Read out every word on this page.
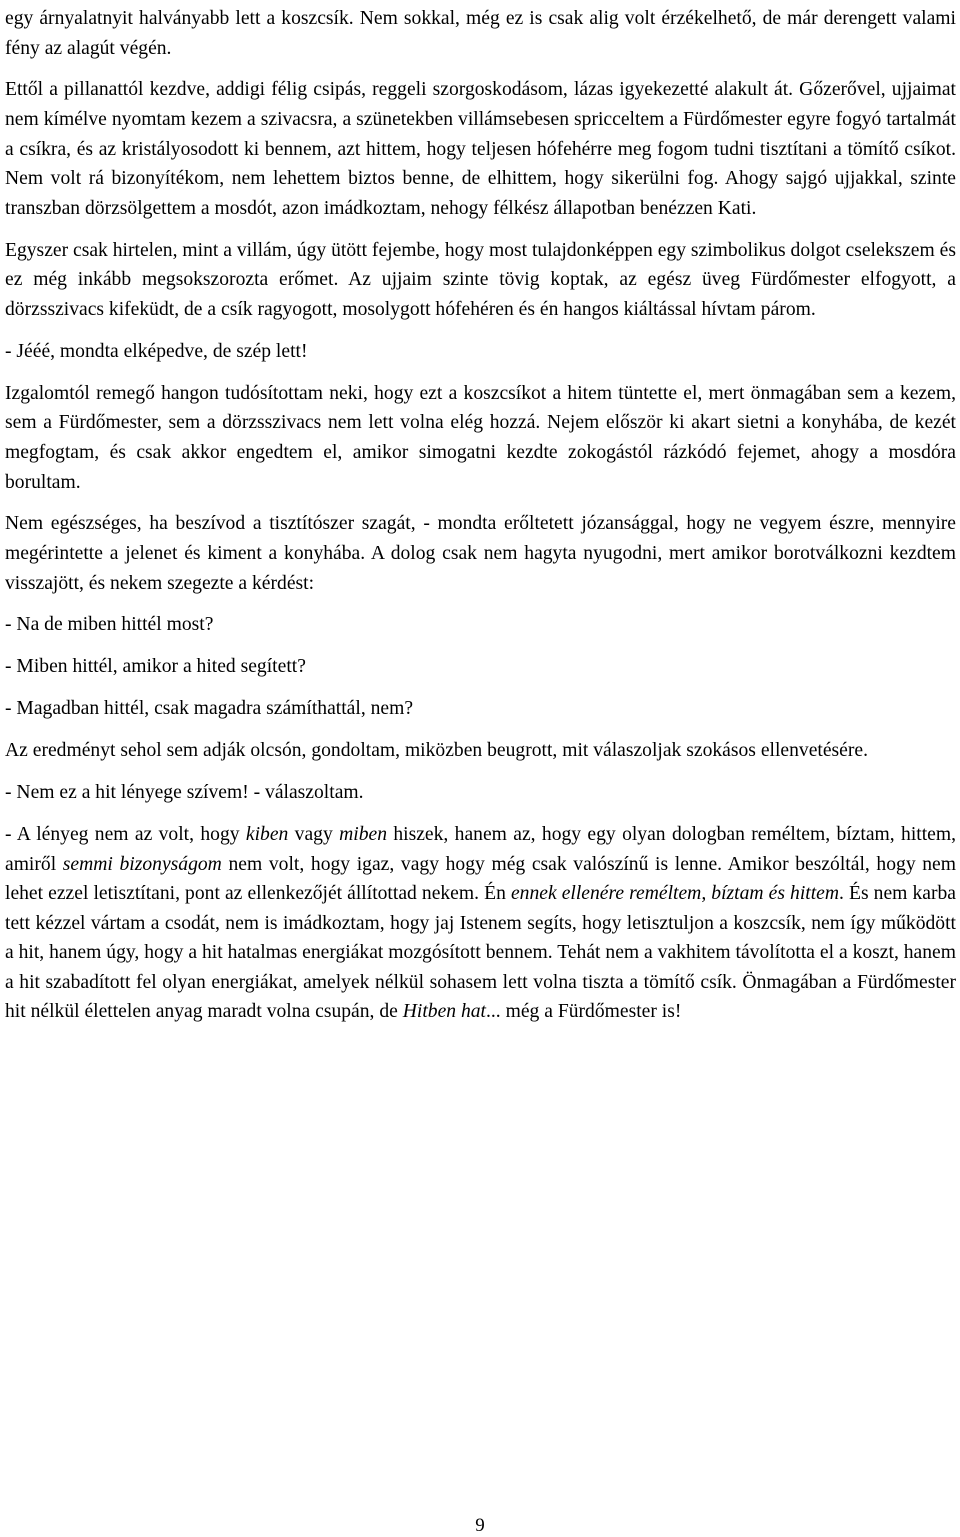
egy árnyalatnyit halványabb lett a koszcsík. Nem sokkal, még ez is csak alig volt érzékelhető, de már derengett valami fény az alagút végén.

Ettől a pillanattól kezdve, addigi félig csipás, reggeli szorgoskodásom, lázas igyekezetté alakult át. Gőzerővel, ujjaimat nem kímélve nyomtam kezem a szivacsra, a szünetekben villámsebesen spricceltem a Fürdőmester egyre fogyó tartalmát a csíkra, és az kristályosodott ki bennem, azt hittem, hogy teljesen hófehérre meg fogom tudni tisztítani a tömítő csíkot. Nem volt rá bizonyítékom, nem lehettem biztos benne, de elhittem, hogy sikerülni fog. Ahogy sajgó ujjakkal, szinte transzban dörzsölgettem a mosdót, azon imádkoztam, nehogy félkész állapotban benézzen Kati.

Egyszer csak hirtelen, mint a villám, úgy ütött fejembe, hogy most tulajdonképpen egy szimbolikus dolgot cselekszem és ez még inkább megsokszorozta erőmet. Az ujjaim szinte tövig koptak, az egész üveg Fürdőmester elfogyott, a dörzsszivacs kifeküdt, de a csík ragyogott, mosolygott hófehéren és én hangos kiáltással hívtam párom.

- Jééé, mondta elképedve, de szép lett!

Izgalomtól remegő hangon tudósítottam neki, hogy ezt a koszcsíkot a hitem tüntette el, mert önmagában sem a kezem, sem a Fürdőmester, sem a dörzsszivacs nem lett volna elég hozzá. Nejem először ki akart sietni a konyhába, de kezét megfogtam, és csak akkor engedtem el, amikor simogatni kezdte zokogástól rázkódó fejemet, ahogy a mosdóra borultam.

Nem egészséges, ha beszívod a tisztítószer szagát, - mondta erőltetett józansággal, hogy ne vegyem észre, mennyire megérintette a jelenet és kiment a konyhába. A dolog csak nem hagyta nyugodni, mert amikor borotválkozni kezdtem visszajött, és nekem szegezte a kérdést:

- Na de miben hittél most?

- Miben hittél, amikor a hited segített?

- Magadban hittél, csak magadra számíthattál, nem?

Az eredményt sehol sem adják olcsón, gondoltam, miközben beugrott, mit válaszoljak szokásos ellenvetésére.

- Nem ez a hit lényege szívem! - válaszoltam.

- A lényeg nem az volt, hogy kiben vagy miben hiszek, hanem az, hogy egy olyan dologban reméltem, bíztam, hittem, amiről semmi bizonyságom nem volt, hogy igaz, vagy hogy még csak valószínű is lenne. Amikor beszóltál, hogy nem lehet ezzel letisztítani, pont az ellenkezőjét állítottad nekem. Én ennek ellenére reméltem, bíztam és hittem. És nem karba tett kézzel vártam a csodát, nem is imádkoztam, hogy jaj Istenem segíts, hogy letisztuljon a koszcsík, nem így működött a hit, hanem úgy, hogy a hit hatalmas energiákat mozgósított bennem. Tehát nem a vakhitem távolította el a koszt, hanem a hit szabadított fel olyan energiákat, amelyek nélkül sohasem lett volna tiszta a tömítő csík. Önmagában a Fürdőmester hit nélkül élettelen anyag maradt volna csupán, de Hitben hat... még a Fürdőmester is!

9
